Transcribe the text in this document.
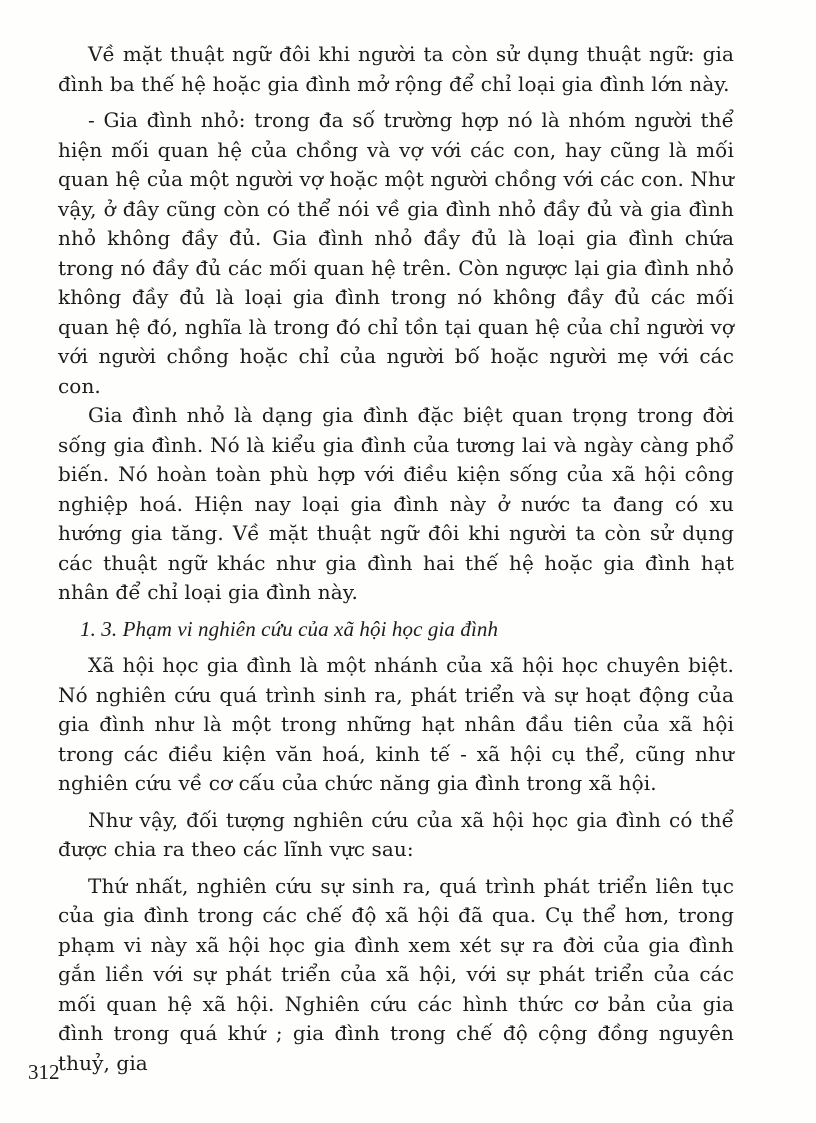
Về mặt thuật ngữ đôi khi người ta còn sử dụng thuật ngữ: gia đình ba thế hệ hoặc gia đình mở rộng để chỉ loại gia đình lớn này.

- Gia đình nhỏ: trong đa số trường hợp nó là nhóm người thể hiện mối quan hệ của chồng và vợ với các con, hay cũng là mối quan hệ của một người vợ hoặc một người chồng với các con. Như vậy, ở đây cũng còn có thể nói về gia đình nhỏ đầy đủ và gia đình nhỏ không đầy đủ. Gia đình nhỏ đầy đủ là loại gia đình chứa trong nó đầy đủ các mối quan hệ trên. Còn ngược lại gia đình nhỏ không đầy đủ là loại gia đình trong nó không đầy đủ các mối quan hệ đó, nghĩa là trong đó chỉ tồn tại quan hệ của chỉ người vợ với người chồng hoặc chỉ của người bố hoặc người mẹ với các con.

Gia đình nhỏ là dạng gia đình đặc biệt quan trọng trong đời sống gia đình. Nó là kiểu gia đình của tương lai và ngày càng phổ biến. Nó hoàn toàn phù hợp với điều kiện sống của xã hội công nghiệp hoá. Hiện nay loại gia đình này ở nước ta đang có xu hướng gia tăng. Về mặt thuật ngữ đôi khi người ta còn sử dụng các thuật ngữ khác như gia đình hai thế hệ hoặc gia đình hạt nhân để chỉ loại gia đình này.

1. 3. Phạm vi nghiên cứu của xã hội học gia đình

Xã hội học gia đình là một nhánh của xã hội học chuyên biệt. Nó nghiên cứu quá trình sinh ra, phát triển và sự hoạt động của gia đình như là một trong những hạt nhân đầu tiên của xã hội trong các điều kiện văn hoá, kinh tế - xã hội cụ thể, cũng như nghiên cứu về cơ cấu của chức năng gia đình trong xã hội.

Như vậy, đối tượng nghiên cứu của xã hội học gia đình có thể được chia ra theo các lĩnh vực sau:

Thứ nhất, nghiên cứu sự sinh ra, quá trình phát triển liên tục của gia đình trong các chế độ xã hội đã qua. Cụ thể hơn, trong phạm vi này xã hội học gia đình xem xét sự ra đời của gia đình gắn liền với sự phát triển của xã hội, với sự phát triển của các mối quan hệ xã hội. Nghiên cứu các hình thức cơ bản của gia đình trong quá khứ ; gia đình trong chế độ cộng đồng nguyên thuỷ, gia

312
